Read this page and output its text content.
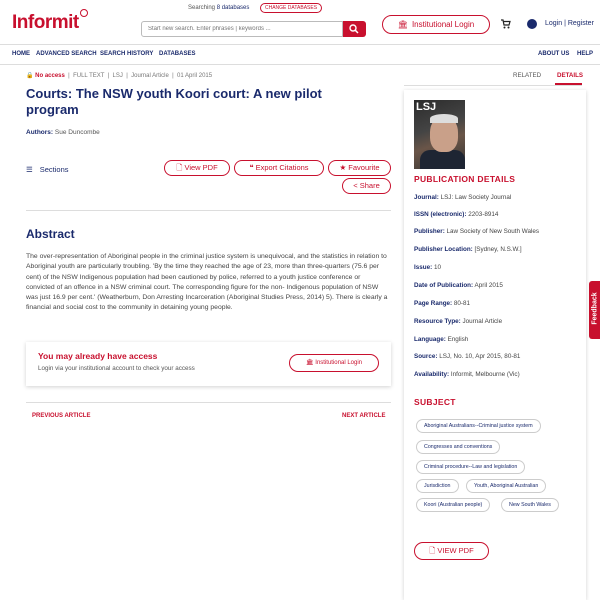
Informit
Searching 8 databases	CHANGE DATABASES
Start new search. Enter phrases | keywords ...
🏛 Institutional Login	Login | Register
HOME ADVANCED SEARCH SEARCH HISTORY DATABASES	ABOUT US HELP
🔒 No access  |  FULL TEXT  |  LSJ  |  Journal Article  |  01 April 2015
Courts: The NSW youth Koori court: A new pilot program
Authors: Sue Duncombe
☰ Sections	🗋 View PDF	❝ Export Citations	★ Favourite
< Share
Abstract
The over-representation of Aboriginal people in the criminal justice system is unequivocal, and the statistics in relation to Aboriginal youth are particularly troubling. 'By the time they reached the age of 23, more than three-quarters (75.6 per cent) of the NSW Indigenous population had been cautioned by police, referred to a youth justice conference or convicted of an offence in a NSW criminal court. The corresponding figure for the non- Indigenous population of NSW was just 16.9 per cent.' (Weatherburn, Don Arresting Incarceration (Aboriginal Studies Press, 2014) 5). There is clearly a financial and social cost to the community in detaining young people.
You may already have access
Login via your institutional account to check your access
🏛 Institutional Login
PREVIOUS ARTICLE	NEXT ARTICLE
RELATED	DETAILS
LSJ
PUBLICATION DETAILS
Journal: LSJ: Law Society Journal
ISSN (electronic): 2203-8914
Publisher: Law Society of New South Wales
Publisher Location: [Sydney, N.S.W.]
Issue: 10
Date of Publication: April 2015
Page Range: 80-81
Resource Type: Journal Article
Language: English
Source: LSJ, No. 10, Apr 2015, 80-81
Availability: Informit, Melbourne (Vic)
SUBJECT
Aboriginal Australians--Criminal justice system
Congresses and conventions
Criminal procedure--Law and legislation
Jurisdiction	Youth, Aboriginal Australian
Koori (Australian people)	New South Wales
🗋 VIEW PDF
Feedback
